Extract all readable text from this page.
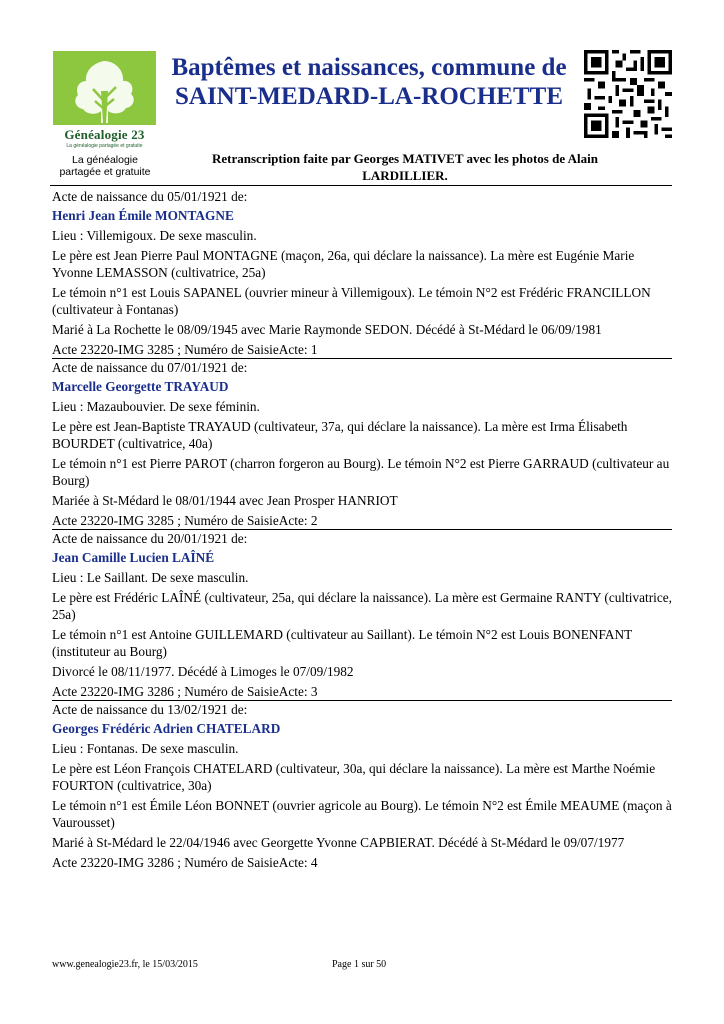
Généalogie 23
La généalogie partagée et gratuite
La généalogie partagée et gratuite
Baptêmes et naissances, commune de
SAINT-MEDARD-LA-ROCHETTE
Retranscription faite par Georges MATIVET avec les photos de Alain LARDILLIER.

Acte de naissance du 05/01/1921 de:

Henri Jean Émile MONTAGNE

Lieu : Villemigoux. De sexe masculin.

Le père est Jean Pierre Paul MONTAGNE (maçon, 26a, qui déclare la naissance). La mère est Eugénie Marie Yvonne LEMASSON (cultivatrice, 25a)

Le témoin n°1 est Louis SAPANEL (ouvrier mineur à Villemigoux). Le témoin N°2 est Frédéric FRANCILLON (cultivateur à Fontanas)

Marié à La Rochette le 08/09/1945 avec Marie Raymonde SEDON. Décédé à St-Médard le 06/09/1981

Acte 23220-IMG 3285 ; Numéro de SaisieActe: 1

Acte de naissance du 07/01/1921 de:

Marcelle Georgette TRAYAUD

Lieu : Mazaubouvier. De sexe féminin.

Le père est Jean-Baptiste TRAYAUD (cultivateur, 37a, qui déclare la naissance). La mère est Irma Élisabeth BOURDET (cultivatrice, 40a)

Le témoin n°1 est Pierre PAROT (charron forgeron au Bourg). Le témoin N°2 est Pierre GARRAUD (cultivateur au Bourg)

Mariée à St-Médard le 08/01/1944 avec Jean Prosper HANRIOT

Acte 23220-IMG 3285 ; Numéro de SaisieActe: 2

Acte de naissance du 20/01/1921 de:

Jean Camille Lucien LAÎNÉ

Lieu : Le Saillant. De sexe masculin.

Le père est Frédéric LAÎNÉ (cultivateur, 25a, qui déclare la naissance). La mère est Germaine RANTY (cultivatrice, 25a)

Le témoin n°1 est Antoine GUILLEMARD (cultivateur au Saillant). Le témoin N°2 est Louis BONENFANT (instituteur au Bourg)

Divorcé le 08/11/1977. Décédé à Limoges le 07/09/1982

Acte 23220-IMG 3286 ; Numéro de SaisieActe: 3

Acte de naissance du 13/02/1921 de:

Georges Frédéric Adrien CHATELARD

Lieu : Fontanas. De sexe masculin.

Le père est Léon François CHATELARD (cultivateur, 30a, qui déclare la naissance). La mère est Marthe Noémie FOURTON (cultivatrice, 30a)

Le témoin n°1 est Émile Léon BONNET (ouvrier agricole au Bourg). Le témoin N°2 est Émile MEAUME (maçon à Vaurousset)

Marié à St-Médard le 22/04/1946 avec Georgette Yvonne CAPBIERAT. Décédé à St-Médard le 09/07/1977

Acte 23220-IMG 3286 ; Numéro de SaisieActe: 4

www.genealogie23.fr, le 15/03/2015	Page 1 sur 50
